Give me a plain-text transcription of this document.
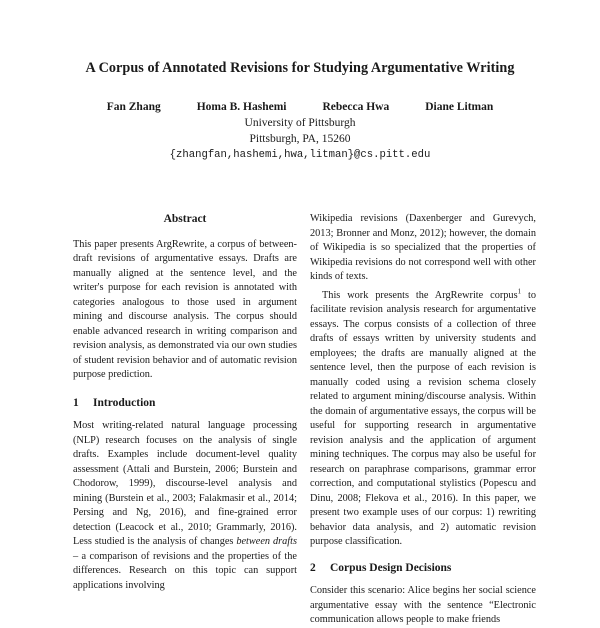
A Corpus of Annotated Revisions for Studying Argumentative Writing
Fan Zhang	Homa B. Hashemi	Rebecca Hwa	Diane Litman
University of Pittsburgh
Pittsburgh, PA, 15260
{zhangfan,hashemi,hwa,litman}@cs.pitt.edu
Abstract

This paper presents ArgRewrite, a corpus of between-draft revisions of argumentative essays. Drafts are manually aligned at the sentence level, and the writer's purpose for each revision is annotated with categories analogous to those used in argument mining and discourse analysis. The corpus should enable advanced research in writing comparison and revision analysis, as demonstrated via our own studies of student revision behavior and of automatic revision purpose prediction.

1 Introduction

Most writing-related natural language processing (NLP) research focuses on the analysis of single drafts. Examples include document-level quality assessment (Attali and Burstein, 2006; Burstein and Chodorow, 1999), discourse-level analysis and mining (Burstein et al., 2003; Falakmasir et al., 2014; Persing and Ng, 2016), and fine-grained error detection (Leacock et al., 2010; Grammarly, 2016). Less studied is the analysis of changes between drafts – a comparison of revisions and the properties of the differences. Research on this topic can support applications involving

Wikipedia revisions (Daxenberger and Gurevych, 2013; Bronner and Monz, 2012); however, the domain of Wikipedia is so specialized that the properties of Wikipedia revisions do not correspond well with other kinds of texts.

This work presents the ArgRewrite corpus$^1$ to facilitate revision analysis research for argumentative essays. The corpus consists of a collection of three drafts of essays written by university students and employees; the drafts are manually aligned at the sentence level, then the purpose of each revision is manually coded using a revision schema closely related to argument mining/discourse analysis. Within the domain of argumentative essays, the corpus will be useful for supporting research in argumentative revision analysis and the application of argument mining techniques. The corpus may also be useful for research on paraphrase comparisons, grammar error correction, and computational stylistics (Popescu and Dinu, 2008; Flekova et al., 2016). In this paper, we present two example uses of our corpus: 1) rewriting behavior data analysis, and 2) automatic revision purpose classification.

2 Corpus Design Decisions

Consider this scenario: Alice begins her social science argumentative essay with the sentence “Electronic communication allows people to make friends
